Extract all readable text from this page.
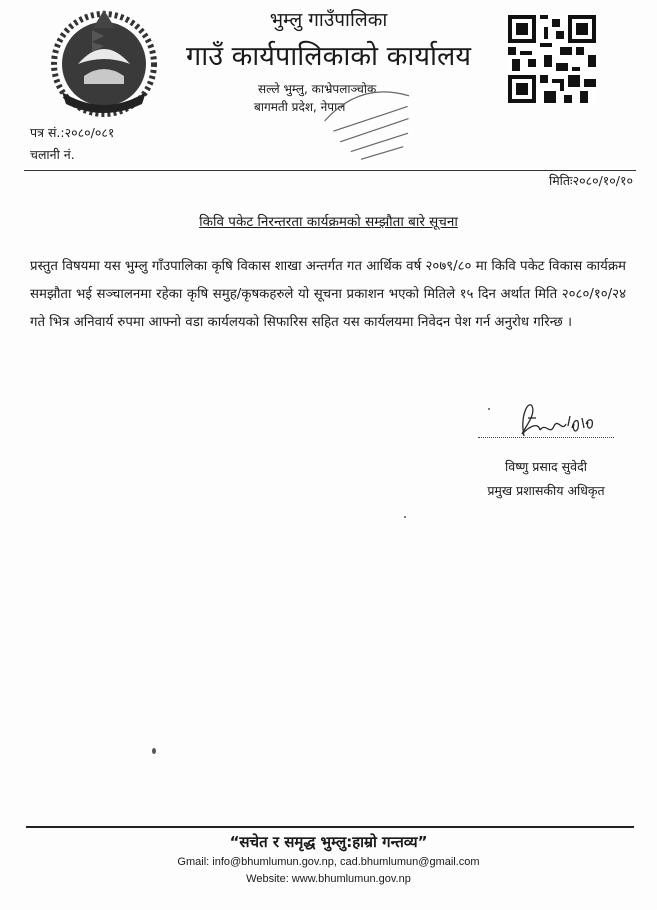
भुम्लु गाउँपालिका
गाउँ कार्यपालिकाको कार्यालय
सल्ले भुम्लु, काभ्रेपलाञ्चोक
बागमती प्रदेश, नेपाल
पत्र सं.:२०८०/०८१
चलानी नं.
मितिः२०८०/१०/१०
किवि पकेट निरन्तरता कार्यक्रमको सम्झौता बारे सूचना
प्रस्तुत विषयमा यस भुम्लु गाँउपालिका कृषि विकास शाखा अन्तर्गत गत आर्थिक वर्ष २०७९/८० मा किवि पकेट विकास कार्यक्रम समझौता भई सञ्चालनमा रहेका कृषि समुह/कृषकहरुले यो सूचना प्रकाशन भएको मितिले १५ दिन अर्थात मिति २०८०/१०/२४ गते भित्र अनिवार्य रुपमा आफ्नो वडा कार्यलयको सिफारिस सहित यस कार्यलयमा निवेदन पेश गर्न अनुरोध गरिन्छ ।
विष्णु प्रसाद सुवेदी
प्रमुख प्रशासकीय अधिकृत
“सचेत र समृद्ध भुम्लु:हाम्रो गन्तव्य”
Gmail: info@bhumlumun.gov.np, cad.bhumlumun@gmail.com
Website: www.bhumlumun.gov.np
